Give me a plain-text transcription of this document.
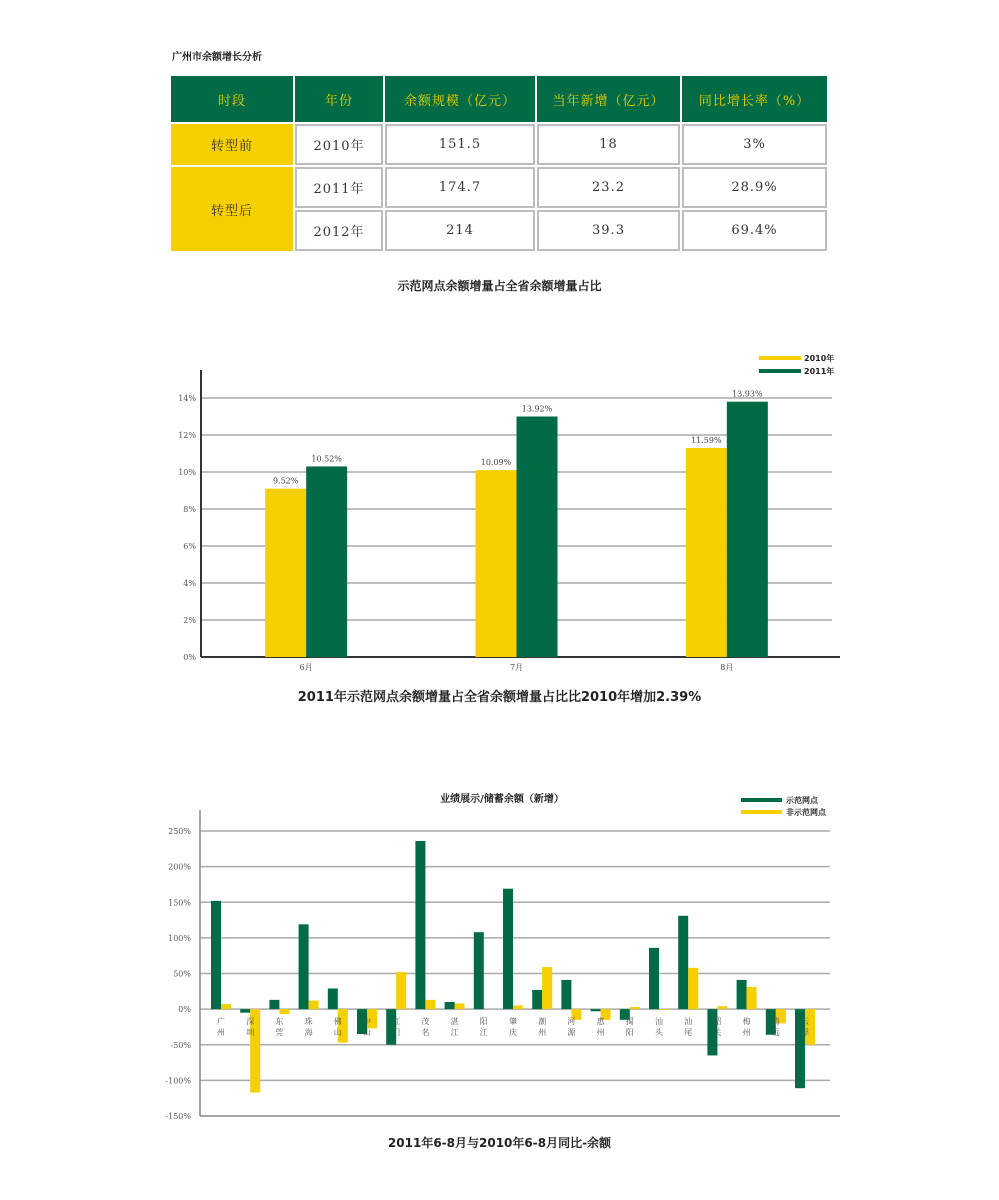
广州市余额增长分析
时段	年份	余额规模（亿元）	当年新增（亿元）	同比增长率（%）
转型前	2010年	151.5	18	3%
转型后	2011年	174.7	23.2	28.9%
	2012年	214	39.3	69.4%
示范网点余额增量占全省余额增量占比
0%
2%
4%
6%
8%
10%
12%
14%
9.52%
10.52%
6月
10.09%
13.92%
7月
11.59%
13.93%
8月
2010年
2011年
2011年示范网点余额增量占全省余额增量占比比2010年增加2.39%
业绩展示/储蓄余额（新增）
-150%
-100%
-50%
0%
50%
100%
150%
200%
250%
广
州
深
圳
东
莞
珠
海
佛
山
中
山
江
门
茂
名
湛
江
阳
江
肇
庆
潮
州
河
源
惠
州
揭
阳
汕
头
汕
尾
韶
关
梅
州
清
远
云
浮
示范网点
非示范网点
2011年6-8月与2010年6-8月同比-余额
